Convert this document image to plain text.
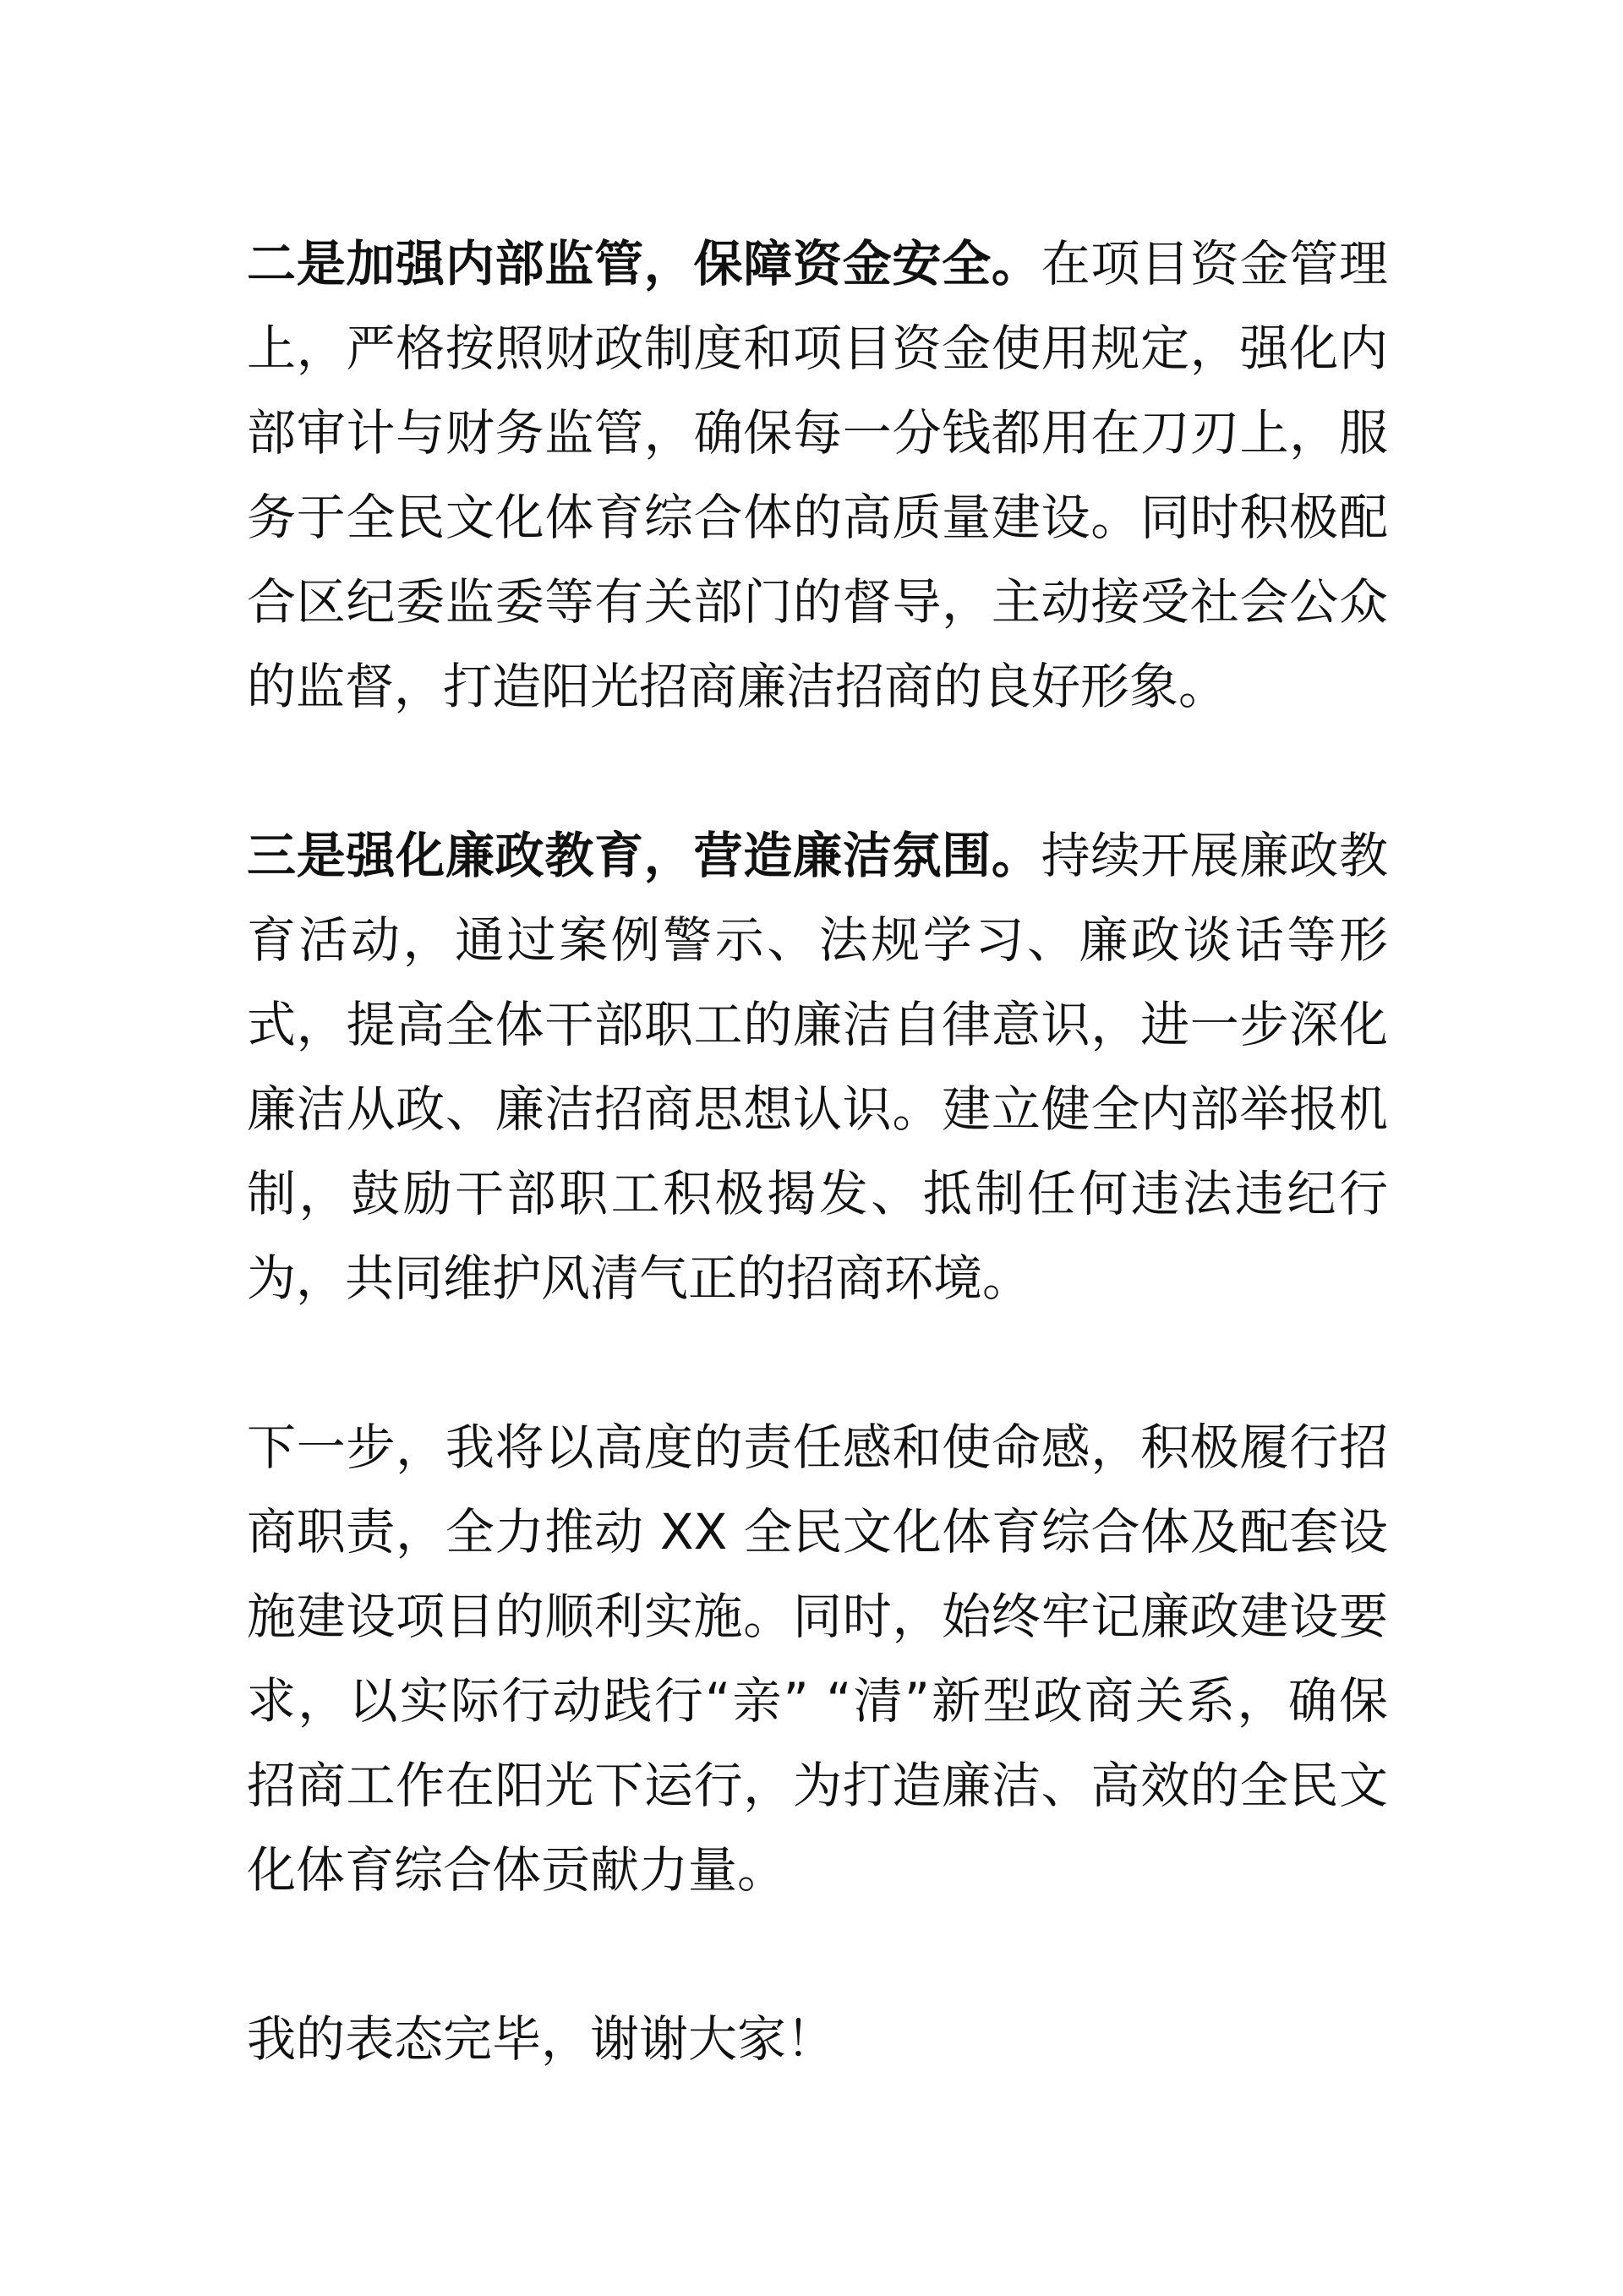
二是加强内部监管，保障资金安全。在项目资金管理上，严格按照财政制度和项目资金使用规定，强化内部审计与财务监管，确保每一分钱都用在刀刃上，服务于全民文化体育综合体的高质量建设。同时积极配合区纪委监委等有关部门的督导，主动接受社会公众的监督，打造阳光招商廉洁招商的良好形象。

三是强化廉政教育，营造廉洁氛围。持续开展廉政教育活动，通过案例警示、法规学习、廉政谈话等形式，提高全体干部职工的廉洁自律意识，进一步深化廉洁从政、廉洁招商思想认识。建立健全内部举报机制，鼓励干部职工积极揭发、抵制任何违法违纪行为，共同维护风清气正的招商环境。

下一步，我将以高度的责任感和使命感，积极履行招商职责，全力推动 XX 全民文化体育综合体及配套设施建设项目的顺利实施。同时，始终牢记廉政建设要求，以实际行动践行“亲” “清”新型政商关系，确保招商工作在阳光下运行，为打造廉洁、高效的全民文化体育综合体贡献力量。

我的表态完毕，谢谢大家！
